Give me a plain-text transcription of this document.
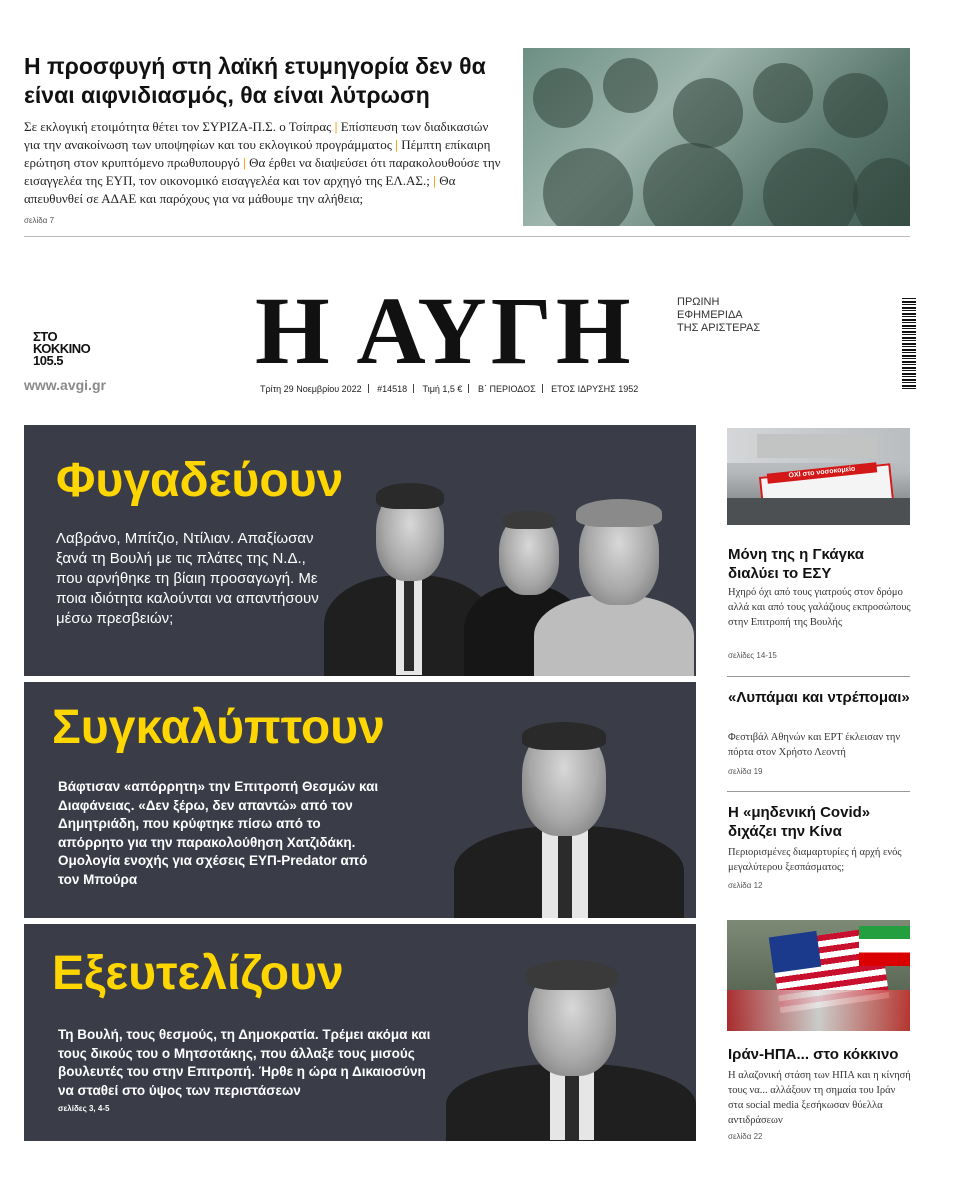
Η προσφυγή στη λαϊκή ετυμηγορία δεν θα είναι αιφνιδιασμός, θα είναι λύτρωση
Σε εκλογική ετοιμότητα θέτει τον ΣΥΡΙΖΑ-Π.Σ. ο Τσίπρας | Επίσπευση των διαδικασιών για την ανακοίνωση των υποψηφίων και του εκλογικού προγράμματος | Πέμπτη επίκαιρη ερώτηση στον κρυπτόμενο πρωθυπουργό | Θα έρθει να διαψεύσει ότι παρακολουθούσε την εισαγγελέα της ΕΥΠ, τον οικονομικό εισαγγελέα και τον αρχηγό της ΕΛ.ΑΣ.; | Θα απευθυνθεί σε ΑΔΑΕ και παρόχους για να μάθουμε την αλήθεια;
σελίδα 7
ΣΤΟ
ΚΟΚΚΙΝΟ
105.5
www.avgi.gr
Η ΑΥΓΗ	ΠΡΩΙΝΗ
ΕΦΗΜΕΡΙΔΑ
ΤΗΣ ΑΡΙΣΤΕΡΑΣ
Τρίτη 29 Νοεμβρίου 2022 #14518 Τιμή 1,5 € Β΄ ΠΕΡΙΟΔΟΣ ΕΤΟΣ ΙΔΡΥΣΗΣ 1952
Φυγαδεύουν
Λαβράνο, Μπίτζιο, Ντίλιαν. Απαξίωσαν ξανά τη Βουλή με τις πλάτες της Ν.Δ., που αρνήθηκε τη βίαιη προσαγωγή. Με ποια ιδιότητα καλούνται να απαντήσουν μέσω πρεσβειών;
Συγκαλύπτουν
Βάφτισαν «απόρρητη» την Επιτροπή Θεσμών και Διαφάνειας. «Δεν ξέρω, δεν απαντώ» από τον Δημητριάδη, που κρύφτηκε πίσω από το απόρρητο για την παρακολούθηση Χατζιδάκη. Ομολογία ενοχής για σχέσεις ΕΥΠ-Predator από τον Μπούρα
Εξευτελίζουν
Τη Βουλή, τους θεσμούς, τη Δημοκρατία. Τρέμει ακόμα και τους δικούς του ο Μητσοτάκης, που άλλαξε τους μισούς βουλευτές του στην Επιτροπή. Ήρθε η ώρα η Δικαιοσύνη να σταθεί στο ύψος των περιστάσεων
σελίδες 3, 4-5
ΟΧΙ στο νοσοκομείο
Μόνη της η Γκάγκα διαλύει το ΕΣΥ
Ηχηρό όχι από τους γιατρούς στον δρόμο αλλά και από τους γαλάζιους εκπροσώπους στην Επιτροπή της Βουλής
σελίδες 14-15
«Λυπάμαι και ντρέπομαι»
Φεστιβάλ Αθηνών και ΕΡΤ έκλεισαν την πόρτα στον Χρήστο Λεοντή
σελίδα 19
Η «μηδενική Covid» διχάζει την Κίνα
Περιορισμένες διαμαρτυρίες ή αρχή ενός μεγαλύτερου ξεσπάσματος;
σελίδα 12
Ιράν-ΗΠΑ... στο κόκκινο
Η αλαζονική στάση των ΗΠΑ και η κίνησή τους να... αλλάξουν τη σημαία του Ιράν στα social media ξεσήκωσαν θύελλα αντιδράσεων
σελίδα 22
